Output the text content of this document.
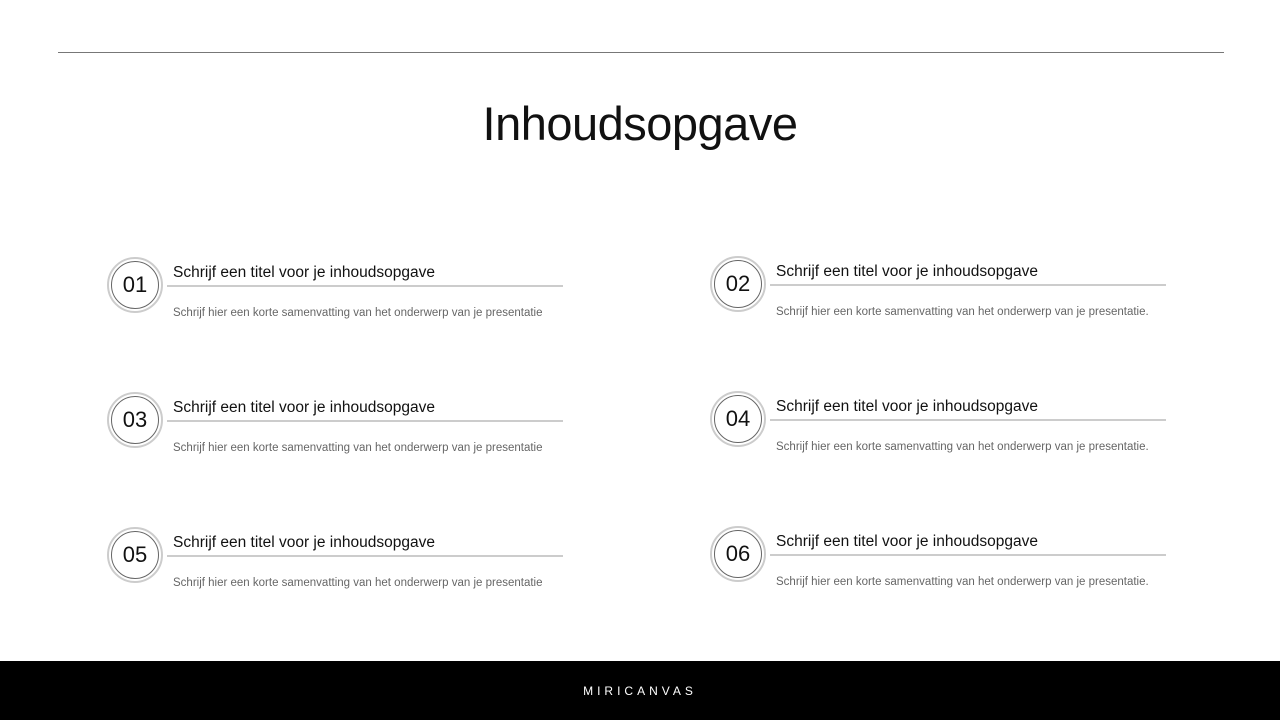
Inhoudsopgave
01	Schrijf een titel voor je inhoudsopgave
Schrijf hier een korte samenvatting van het onderwerp van je presentatie
02	Schrijf een titel voor je inhoudsopgave
Schrijf hier een korte samenvatting van het onderwerp van je presentatie.
03	Schrijf een titel voor je inhoudsopgave
Schrijf hier een korte samenvatting van het onderwerp van je presentatie
04	Schrijf een titel voor je inhoudsopgave
Schrijf hier een korte samenvatting van het onderwerp van je presentatie.
05	Schrijf een titel voor je inhoudsopgave
Schrijf hier een korte samenvatting van het onderwerp van je presentatie
06	Schrijf een titel voor je inhoudsopgave
Schrijf hier een korte samenvatting van het onderwerp van je presentatie.
MIRICANVAS
